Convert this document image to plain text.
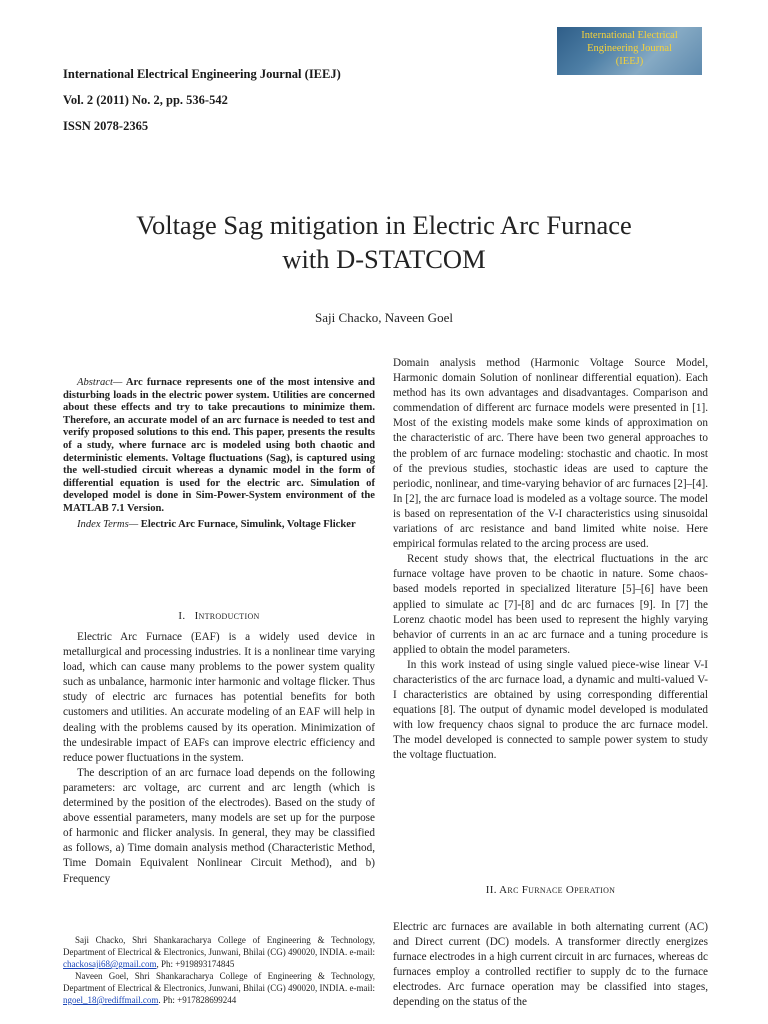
International Electrical Engineering Journal (IEEJ)
Vol. 2 (2011) No. 2, pp. 536-542
ISSN 2078-2365
International Electrical
Engineering Journal
(IEEJ)
Voltage Sag mitigation in Electric Arc Furnace
with D-STATCOM
Saji Chacko, Naveen Goel

Abstract— Arc furnace represents one of the most intensive and disturbing loads in the electric power system. Utilities are concerned about these effects and try to take precautions to minimize them. Therefore, an accurate model of an arc furnace is needed to test and verify proposed solutions to this end. This paper, presents the results of a study, where furnace arc is modeled using both chaotic and deterministic elements. Voltage fluctuations (Sag), is captured using the well-studied circuit whereas a dynamic model in the form of differential equation is used for the electric arc. Simulation of developed model is done in Sim-Power-System environment of the MATLAB 7.1 Version.

Index Terms— Electric Arc Furnace, Simulink, Voltage Flicker

I. Introduction

Electric Arc Furnace (EAF) is a widely used device in metallurgical and processing industries. It is a nonlinear time varying load, which can cause many problems to the power system quality such as unbalance, harmonic inter harmonic and voltage flicker. Thus study of electric arc furnaces has potential benefits for both customers and utilities. An accurate modeling of an EAF will help in dealing with the problems caused by its operation. Minimization of the undesirable impact of EAFs can improve electric efficiency and reduce power fluctuations in the system.

The description of an arc furnace load depends on the following parameters: arc voltage, arc current and arc length (which is determined by the position of the electrodes). Based on the study of above essential parameters, many models are set up for the purpose of harmonic and flicker analysis. In general, they may be classified as follows, a) Time domain analysis method (Characteristic Method, Time Domain Equivalent Nonlinear Circuit Method), and b) Frequency

Saji Chacko, Shri Shankaracharya College of Engineering & Technology, Department of Electrical & Electronics, Junwani, Bhilai (CG) 490020, INDIA. e-mail: chackosaji68@gmail.com, Ph: +919893174845

Naveen Goel, Shri Shankaracharya College of Engineering & Technology, Department of Electrical & Electronics, Junwani, Bhilai (CG) 490020, INDIA. e-mail: ngoel_18@rediffmail.com. Ph: +917828699244

Domain analysis method (Harmonic Voltage Source Model, Harmonic domain Solution of nonlinear differential equation). Each method has its own advantages and disadvantages. Comparison and commendation of different arc furnace models were presented in [1]. Most of the existing models make some kinds of approximation on the characteristic of arc. There have been two general approaches to the problem of arc furnace modeling: stochastic and chaotic. In most of the previous studies, stochastic ideas are used to capture the periodic, nonlinear, and time-varying behavior of arc furnaces [2]–[4]. In [2], the arc furnace load is modeled as a voltage source. The model is based on representation of the V-I characteristics using sinusoidal variations of arc resistance and band limited white noise. Here empirical formulas related to the arcing process are used.

Recent study shows that, the electrical fluctuations in the arc furnace voltage have proven to be chaotic in nature. Some chaos-based models reported in specialized literature [5]–[6] have been applied to simulate ac [7]-[8] and dc arc furnaces [9]. In [7] the Lorenz chaotic model has been used to represent the highly varying behavior of currents in an ac arc furnace and a tuning procedure is applied to obtain the model parameters.

In this work instead of using single valued piece-wise linear V-I characteristics of the arc furnace load, a dynamic and multi-valued V-I characteristics are obtained by using corresponding differential equations [8]. The output of dynamic model developed is modulated with low frequency chaos signal to produce the arc furnace model. The model developed is connected to sample power system to study the voltage fluctuation.

II. Arc Furnace Operation

Electric arc furnaces are available in both alternating current (AC) and Direct current (DC) models. A transformer directly energizes furnace electrodes in a high current circuit in arc furnaces, whereas dc furnaces employ a controlled rectifier to supply dc to the furnace electrodes. Arc furnace operation may be classified into stages, depending on the status of the
